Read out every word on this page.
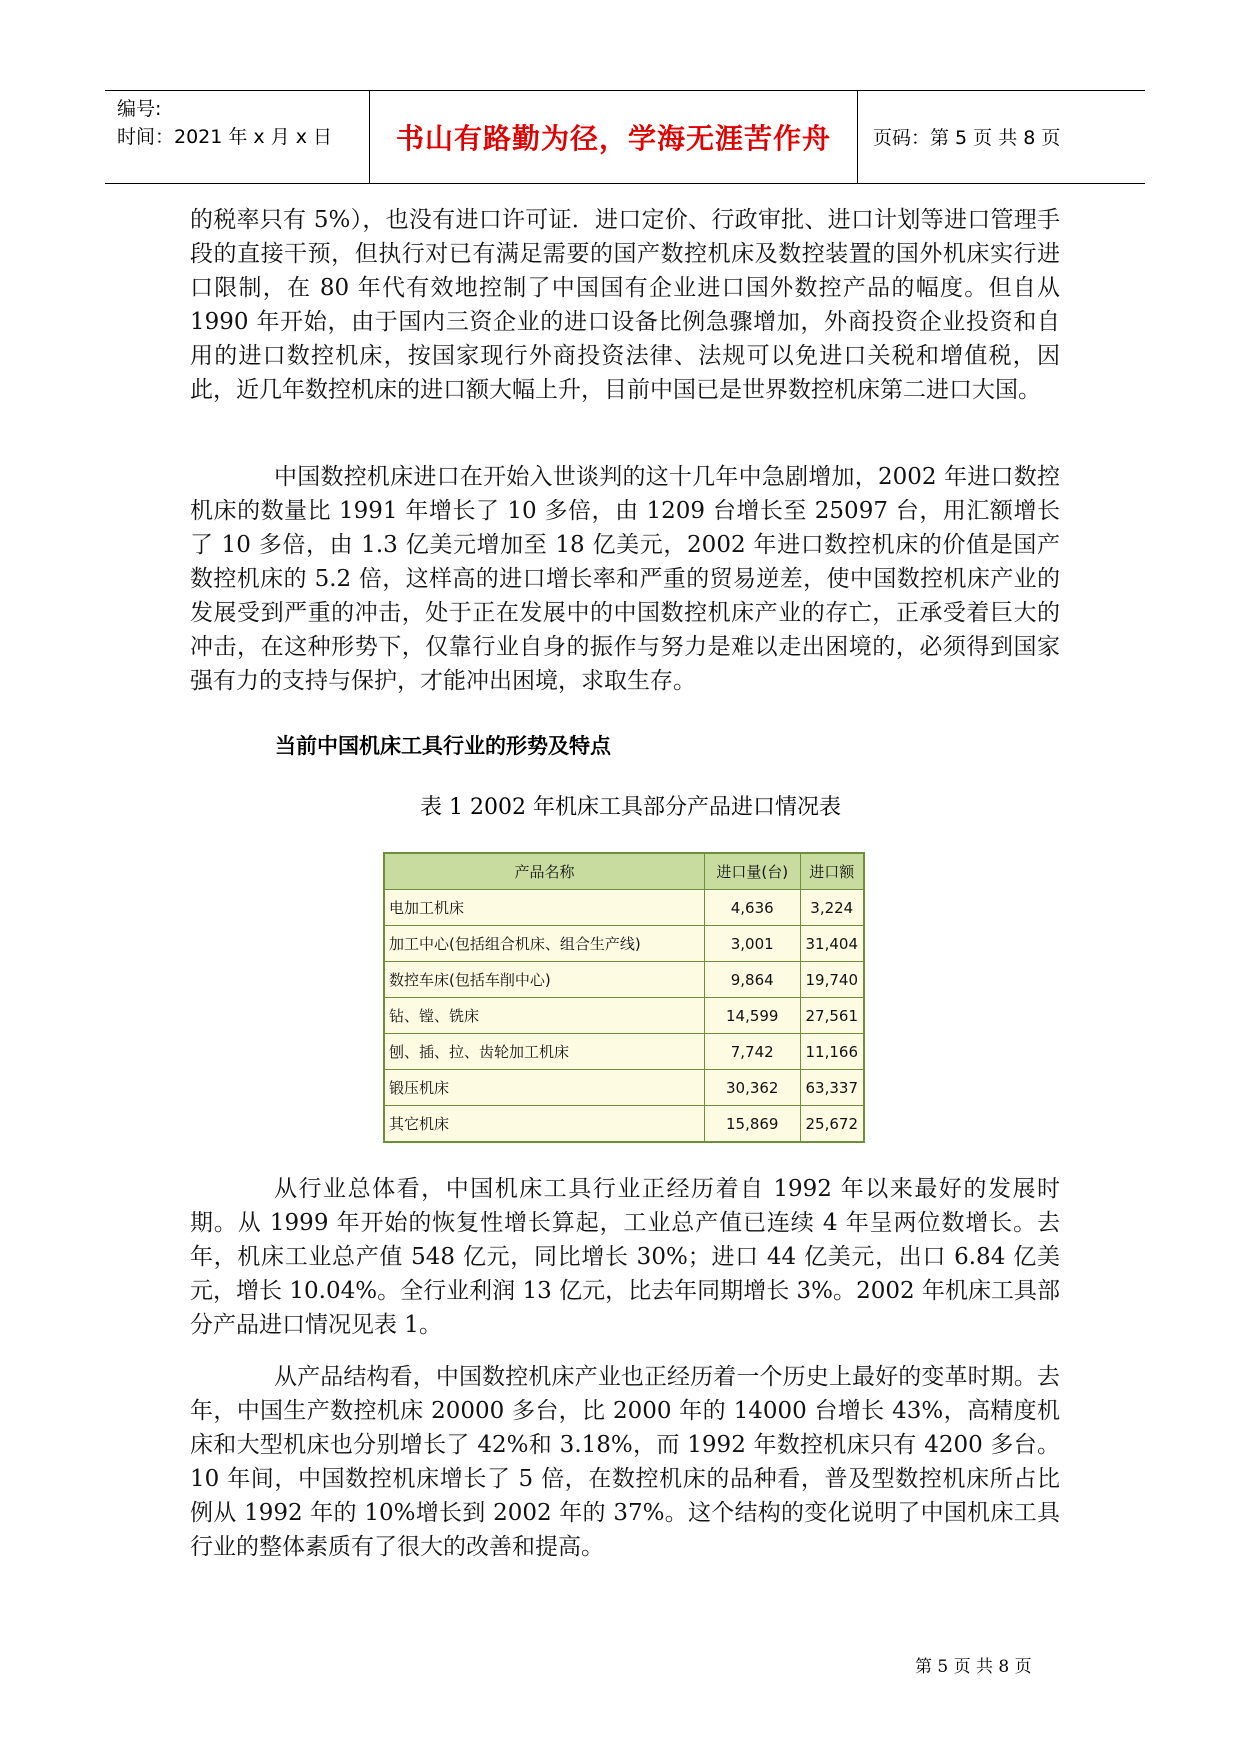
编号:
时间：2021 年 x 月 x 日	书山有路勤为径，学海无涯苦作舟	页码：第 5 页 共 8 页

的税率只有 5%），也没有进口许可证．进口定价、行政审批、进口计划等进口管理手段的直接干预，但执行对已有满足需要的国产数控机床及数控装置的国外机床实行进口限制，在 80 年代有效地控制了中国国有企业进口国外数控产品的幅度。但自从 1990 年开始，由于国内三资企业的进口设备比例急骤增加，外商投资企业投资和自用的进口数控机床，按国家现行外商投资法律、法规可以免进口关税和增值税，因此，近几年数控机床的进口额大幅上升，目前中国已是世界数控机床第二进口大国。

中国数控机床进口在开始入世谈判的这十几年中急剧增加，2002 年进口数控机床的数量比 1991 年增长了 10 多倍，由 1209 台增长至 25097 台，用汇额增长了 10 多倍，由 1.3 亿美元增加至 18 亿美元，2002 年进口数控机床的价值是国产数控机床的 5.2 倍，这样高的进口增长率和严重的贸易逆差，使中国数控机床产业的发展受到严重的冲击，处于正在发展中的中国数控机床产业的存亡，正承受着巨大的冲击，在这种形势下，仅靠行业自身的振作与努力是难以走出困境的，必须得到国家强有力的支持与保护，才能冲出困境，求取生存。

当前中国机床工具行业的形势及特点
表 1 2002 年机床工具部分产品进口情况表
产品名称	进口量(台)	进口额
电加工机床	4,636	3,224
加工中心(包括组合机床、组合生产线)	3,001	31,404
数控车床(包括车削中心)	9,864	19,740
钻、镗、铣床	14,599	27,561
刨、插、拉、齿轮加工机床	7,742	11,166
锻压机床	30,362	63,337
其它机床	15,869	25,672

从行业总体看，中国机床工具行业正经历着自 1992 年以来最好的发展时期。从 1999 年开始的恢复性增长算起，工业总产值已连续 4 年呈两位数增长。去年，机床工业总产值 548 亿元，同比增长 30%；进口 44 亿美元，出口 6.84 亿美元，增长 10.04%。全行业利润 13 亿元，比去年同期增长 3%。2002 年机床工具部分产品进口情况见表 1。

从产品结构看，中国数控机床产业也正经历着一个历史上最好的变革时期。去年，中国生产数控机床 20000 多台，比 2000 年的 14000 台增长 43%，高精度机床和大型机床也分别增长了 42%和 3.18%，而 1992 年数控机床只有 4200 多台。10 年间，中国数控机床增长了 5 倍，在数控机床的品种看，普及型数控机床所占比例从 1992 年的 10%增长到 2002 年的 37%。这个结构的变化说明了中国机床工具行业的整体素质有了很大的改善和提高。

第 5 页 共 8 页
